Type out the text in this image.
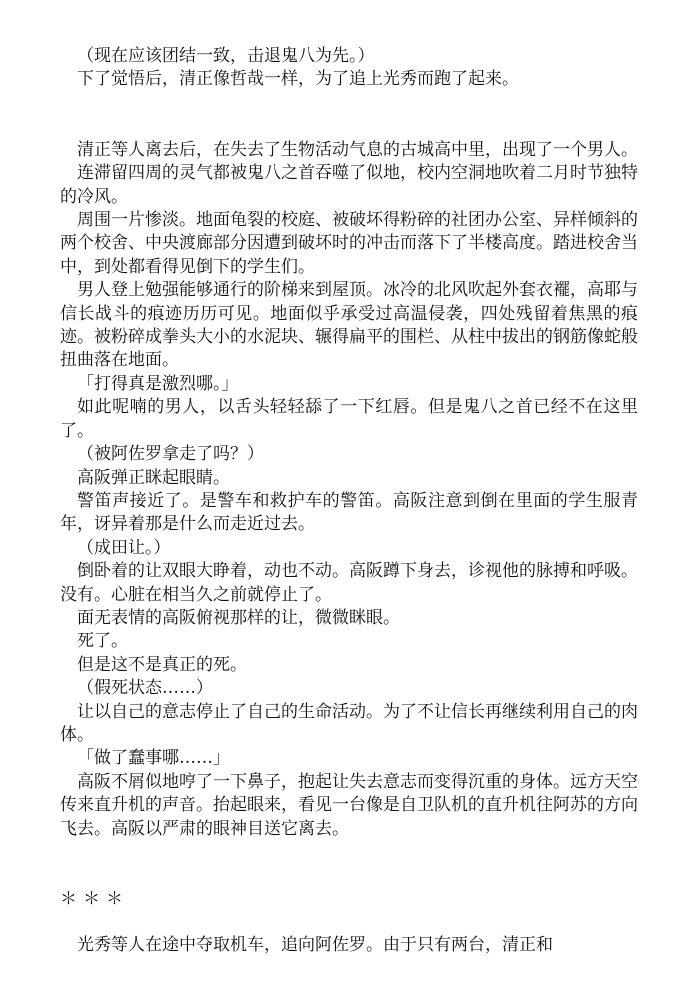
（现在应该团结一致，击退鬼八为先。）

下了觉悟后，清正像哲哉一样，为了追上光秀而跑了起来。

清正等人离去后，在失去了生物活动气息的古城高中里，出现了一个男人。

连滞留四周的灵气都被鬼八之首吞噬了似地，校内空洞地吹着二月时节独特的冷风。

周围一片惨淡。地面龟裂的校庭、被破坏得粉碎的社团办公室、异样倾斜的两个校舍、中央渡廊部分因遭到破坏时的冲击而落下了半楼高度。踏进校舍当中，到处都看得见倒下的学生们。

男人登上勉强能够通行的阶梯来到屋顶。冰冷的北风吹起外套衣襬，高耶与信长战斗的痕迹历历可见。地面似乎承受过高温侵袭，四处残留着焦黑的痕迹。被粉碎成拳头大小的水泥块、辗得扁平的围栏、从柱中拔出的钢筋像蛇般扭曲落在地面。

「打得真是激烈哪。」

如此呢喃的男人，以舌头轻轻舔了一下红唇。但是鬼八之首已经不在这里了。

（被阿佐罗拿走了吗？）

高阪弹正眯起眼睛。

警笛声接近了。是警车和救护车的警笛。高阪注意到倒在里面的学生服青年，讶异着那是什么而走近过去。

（成田让。）

倒卧着的让双眼大睁着，动也不动。高阪蹲下身去，诊视他的脉搏和呼吸。没有。心脏在相当久之前就停止了。

面无表情的高阪俯视那样的让，微微眯眼。

死了。

但是这不是真正的死。

（假死状态……）

让以自己的意志停止了自己的生命活动。为了不让信长再继续利用自己的肉体。

「做了蠢事哪……」

高阪不屑似地哼了一下鼻子，抱起让失去意志而变得沉重的身体。远方天空传来直升机的声音。抬起眼来，看见一台像是自卫队机的直升机往阿苏的方向飞去。高阪以严肃的眼神目送它离去。

＊＊＊

光秀等人在途中夺取机车，追向阿佐罗。由于只有两台，清正和
